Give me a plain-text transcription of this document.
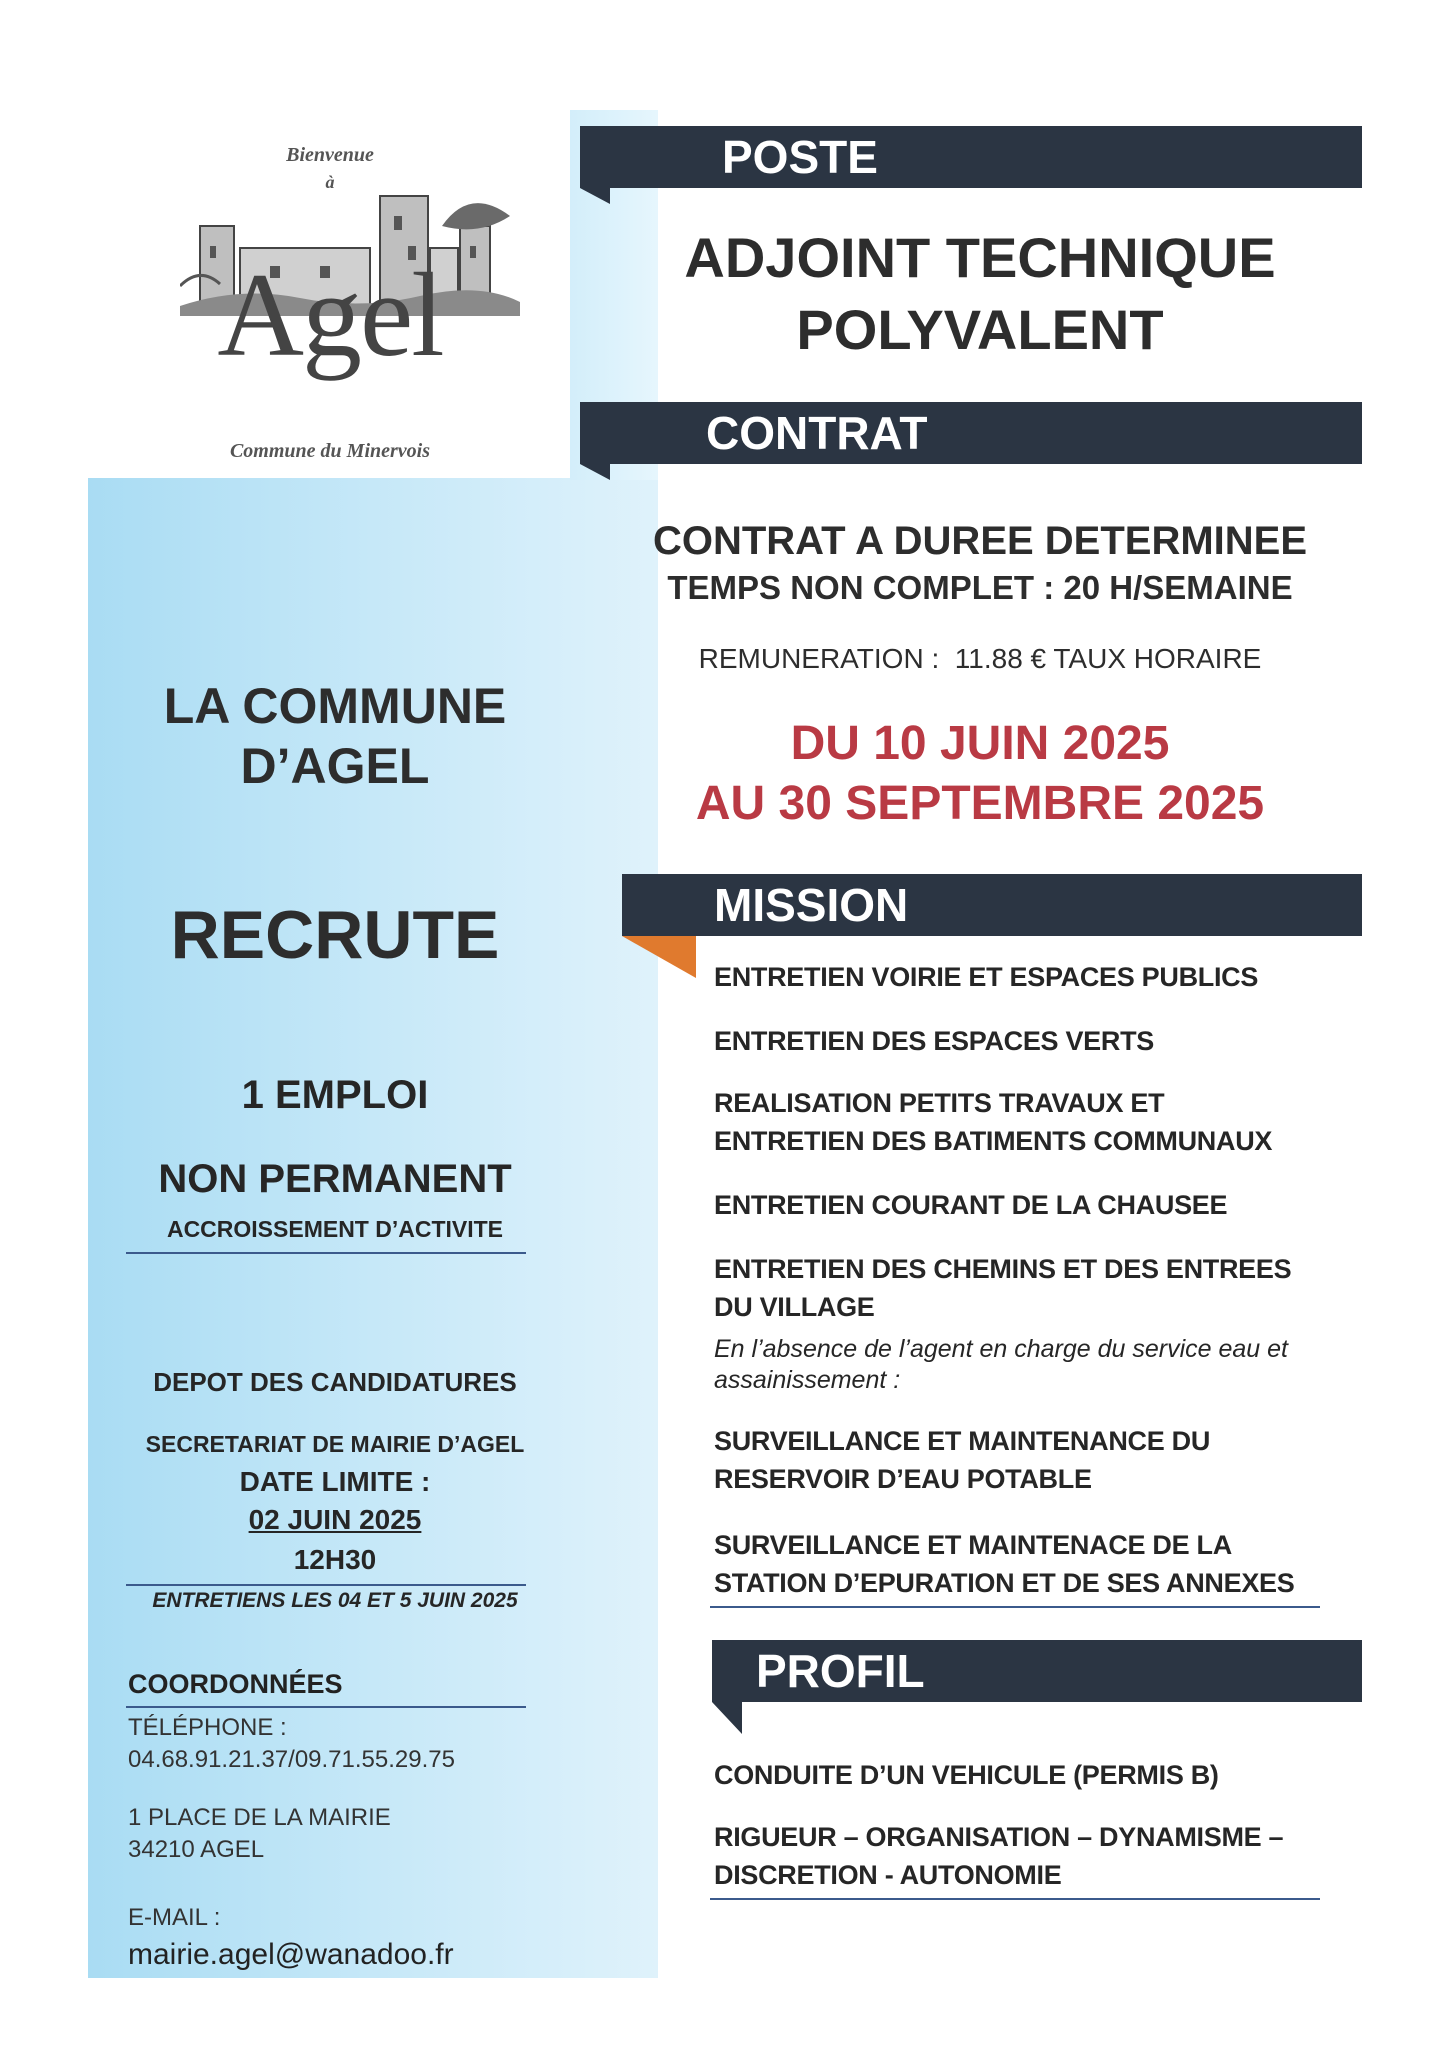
Bienvenue
à
Agel
Commune du Minervois
LA COMMUNE
D’AGEL
RECRUTE
1 EMPLOI
NON PERMANENT
ACCROISSEMENT D’ACTIVITE
DEPOT DES CANDIDATURES
SECRETARIAT DE MAIRIE D’AGEL
DATE LIMITE :
02 JUIN 2025
12H30
ENTRETIENS LES 04 ET 5 JUIN 2025
COORDONNÉES
TÉLÉPHONE :
04.68.91.21.37/09.71.55.29.75
1 PLACE DE LA MAIRIE
34210 AGEL
E-MAIL :
mairie.agel@wanadoo.fr
POSTE
ADJOINT TECHNIQUE
POLYVALENT
CONTRAT
CONTRAT A DUREE DETERMINEE
TEMPS NON COMPLET : 20 H/SEMAINE
REMUNERATION :  11.88 € TAUX HORAIRE
DU 10 JUIN 2025
AU 30 SEPTEMBRE 2025
MISSION
ENTRETIEN VOIRIE ET ESPACES PUBLICS
ENTRETIEN DES ESPACES VERTS
REALISATION PETITS TRAVAUX ET ENTRETIEN DES BATIMENTS COMMUNAUX
ENTRETIEN COURANT DE LA CHAUSEE
ENTRETIEN DES CHEMINS ET DES ENTREES DU VILLAGE
En l’absence de l’agent en charge du service eau et assainissement :
SURVEILLANCE ET MAINTENANCE DU RESERVOIR D’EAU POTABLE
SURVEILLANCE ET MAINTENACE DE LA STATION D’EPURATION ET DE SES ANNEXES
PROFIL
CONDUITE D’UN VEHICULE (PERMIS B)
RIGUEUR – ORGANISATION – DYNAMISME – DISCRETION - AUTONOMIE
